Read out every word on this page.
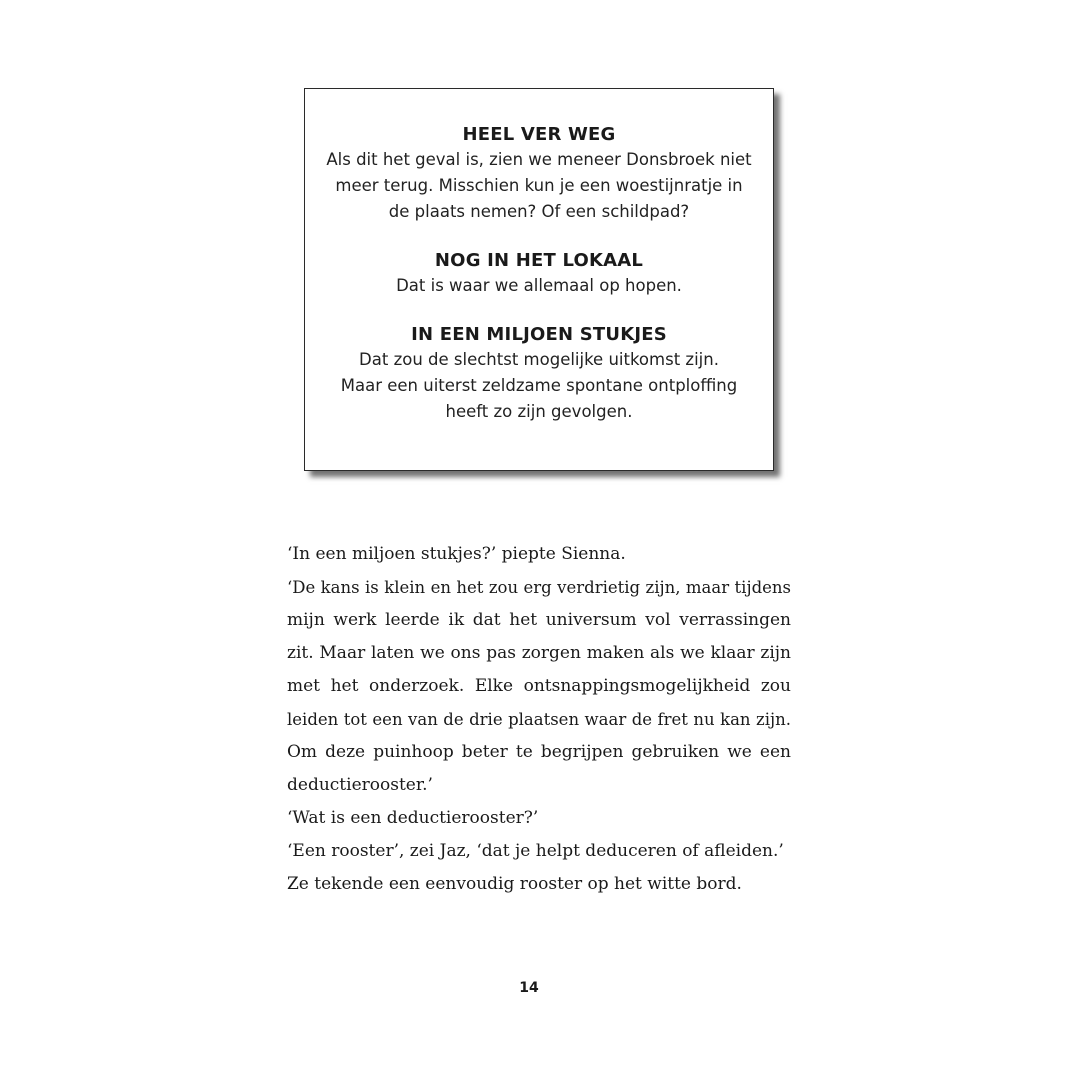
HEEL VER WEG

Als dit het geval is, zien we meneer Donsbroek niet

meer terug. Misschien kun je een woestijnratje in

de plaats nemen? Of een schildpad?

NOG IN HET LOKAAL

Dat is waar we allemaal op hopen.

IN EEN MILJOEN STUKJES

Dat zou de slechtst mogelijke uitkomst zijn.

Maar een uiterst zeldzame spontane ontploffing

heeft zo zijn gevolgen.

‘In een miljoen stukjes?’ piepte Sienna.

‘De kans is klein en het zou erg verdrietig zijn, maar tijdens

mijn werk leerde ik dat het universum vol verrassingen

zit. Maar laten we ons pas zorgen maken als we klaar zijn

met het onderzoek. Elke ontsnappingsmogelijkheid zou

leiden tot een van de drie plaatsen waar de fret nu kan zijn.

Om deze puinhoop beter te begrijpen gebruiken we een

deductierooster.’

‘Wat is een deductierooster?’

‘Een rooster’, zei Jaz, ‘dat je helpt deduceren of afleiden.’

Ze tekende een eenvoudig rooster op het witte bord.

14
